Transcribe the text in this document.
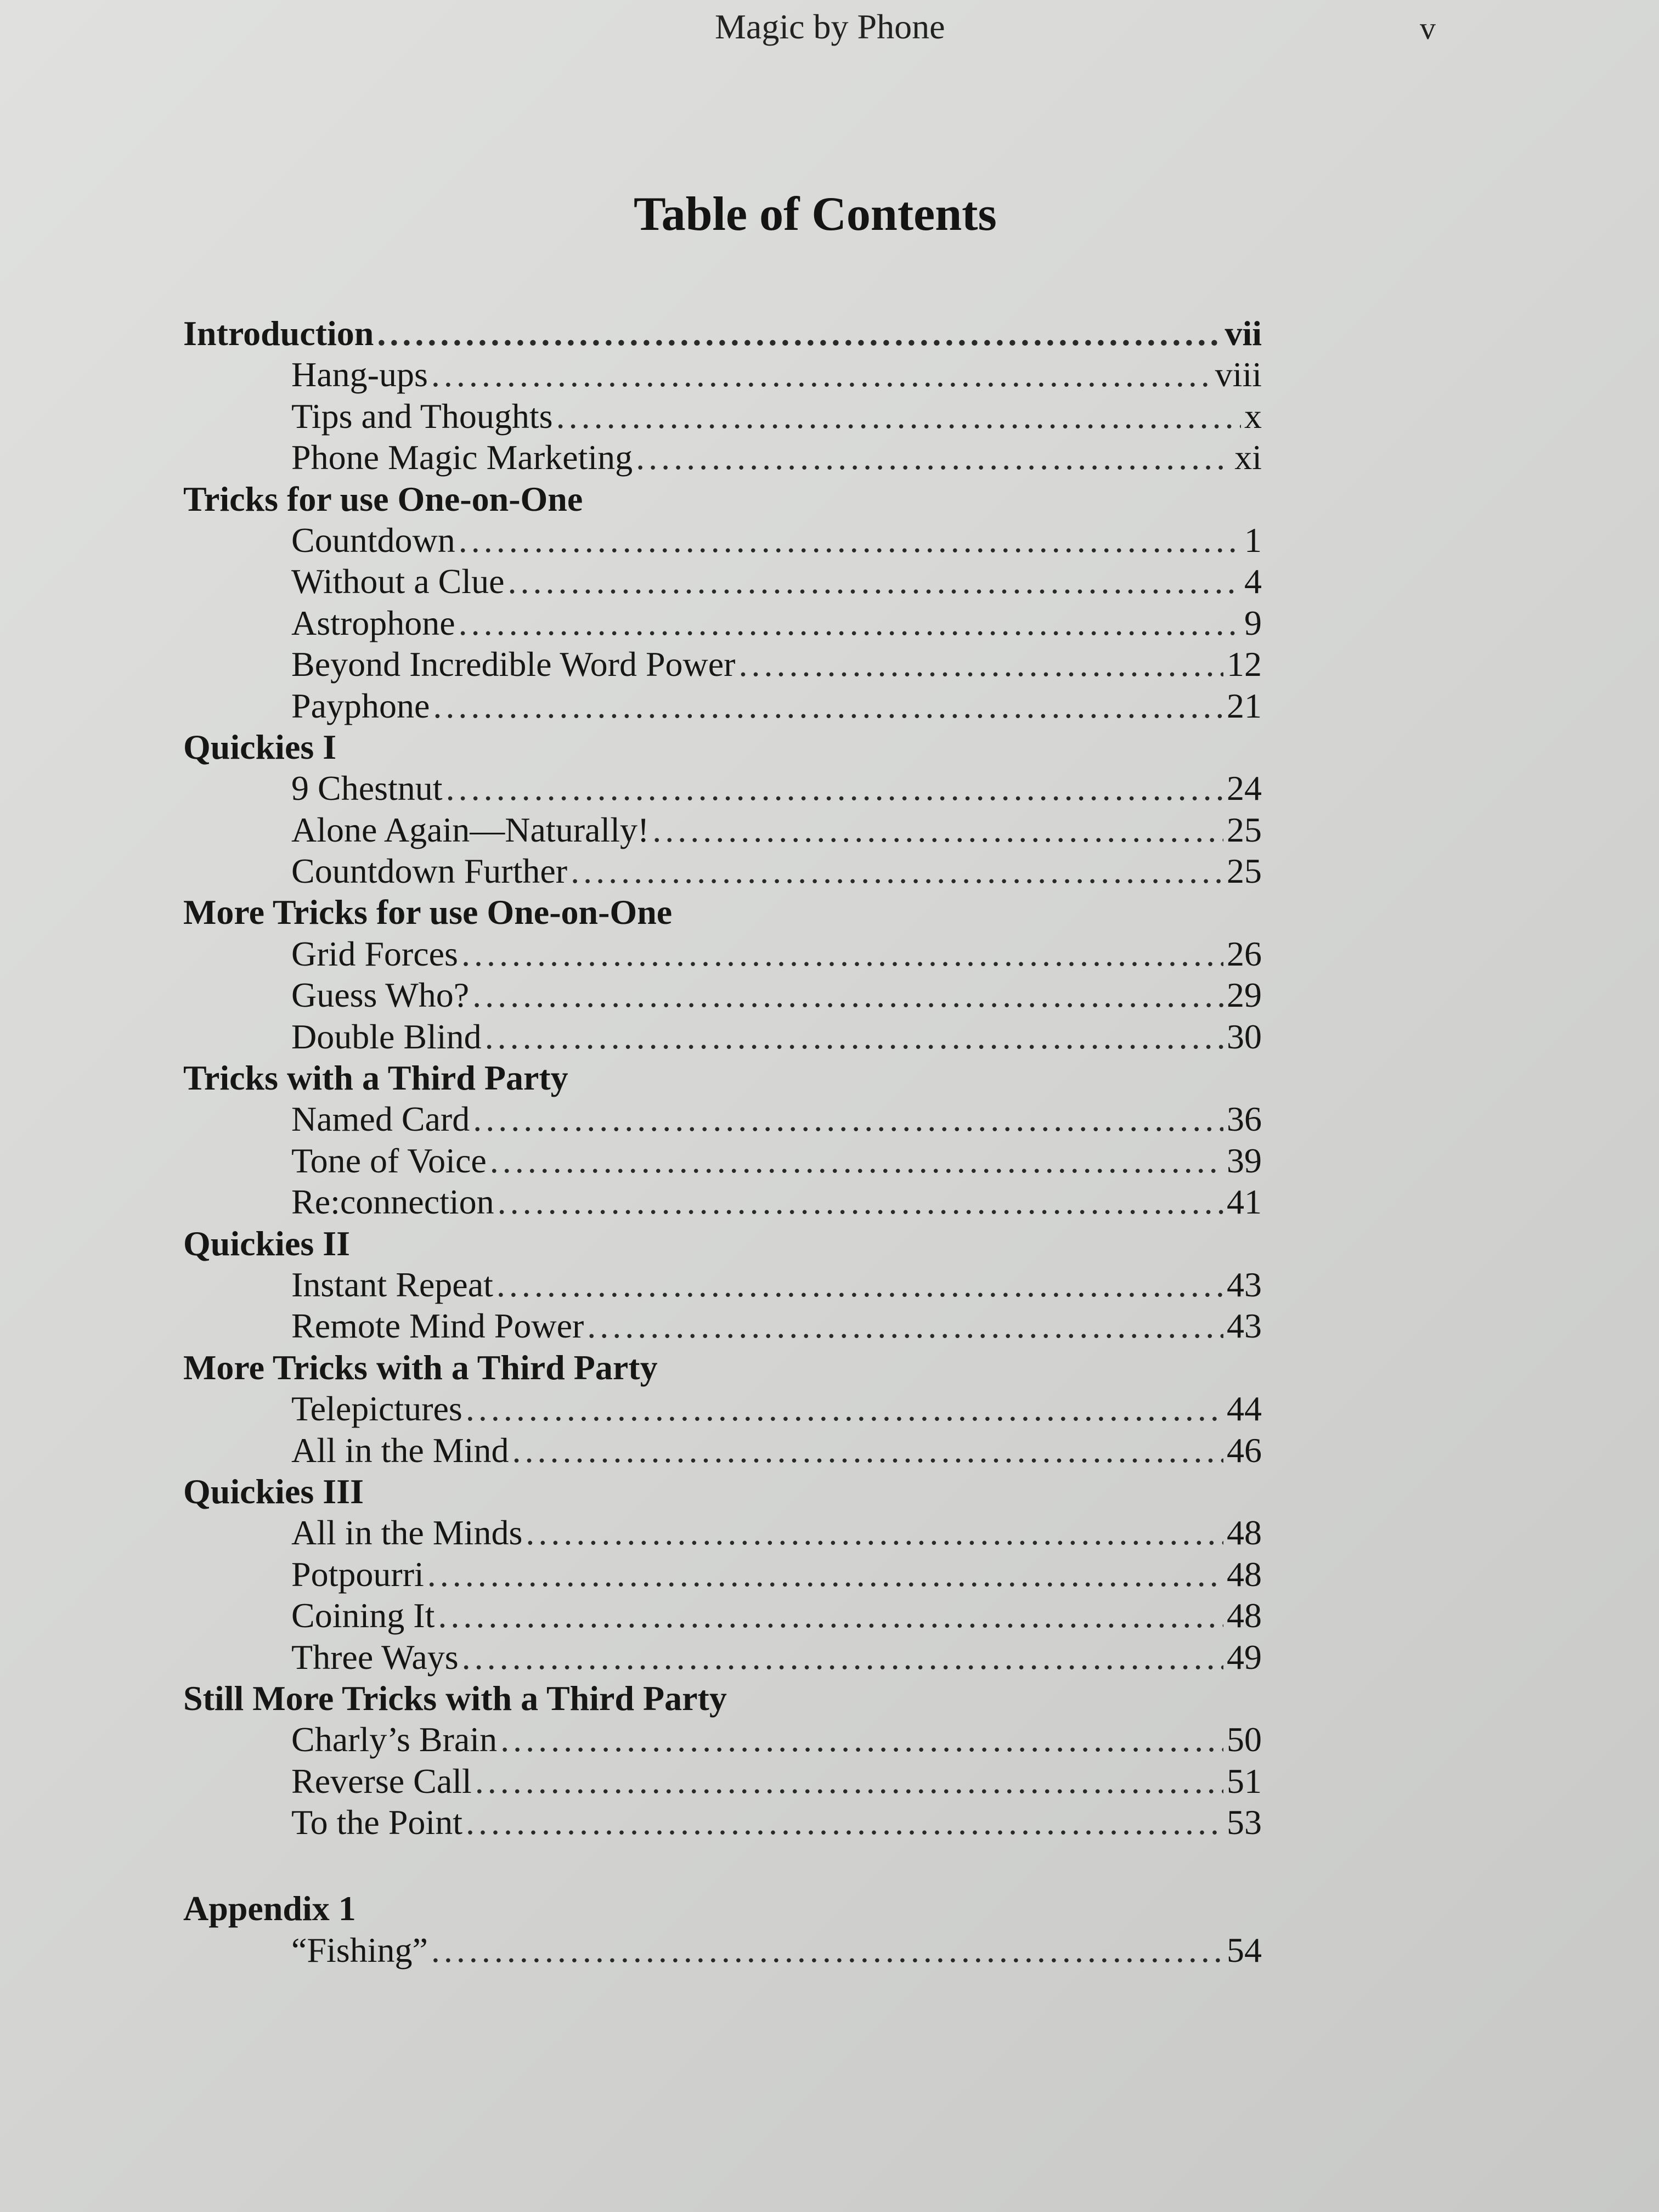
Magic by Phone	v
Table of Contents
Introduction .....	vii
Hang-ups .....	viii
Tips and Thoughts .....	x
Phone Magic Marketing .....	xi
Tricks for use One-on-One
Countdown .....	1
Without a Clue .....	4
Astrophone .....	9
Beyond Incredible Word Power .....	12
Payphone .....	21
Quickies I
9 Chestnut .....	24
Alone Again—Naturally! .....	25
Countdown Further .....	25
More Tricks for use One-on-One
Grid Forces .....	26
Guess Who? .....	29
Double Blind .....	30
Tricks with a Third Party
Named Card .....	36
Tone of Voice .....	39
Re:connection .....	41
Quickies II
Instant Repeat .....	43
Remote Mind Power .....	43
More Tricks with a Third Party
Telepictures .....	44
All in the Mind .....	46
Quickies III
All in the Minds .....	48
Potpourri .....	48
Coining It .....	48
Three Ways .....	49
Still More Tricks with a Third Party
Charly’s Brain .....	50
Reverse Call .....	51
To the Point .....	53
Appendix 1
“Fishing” .....	54
